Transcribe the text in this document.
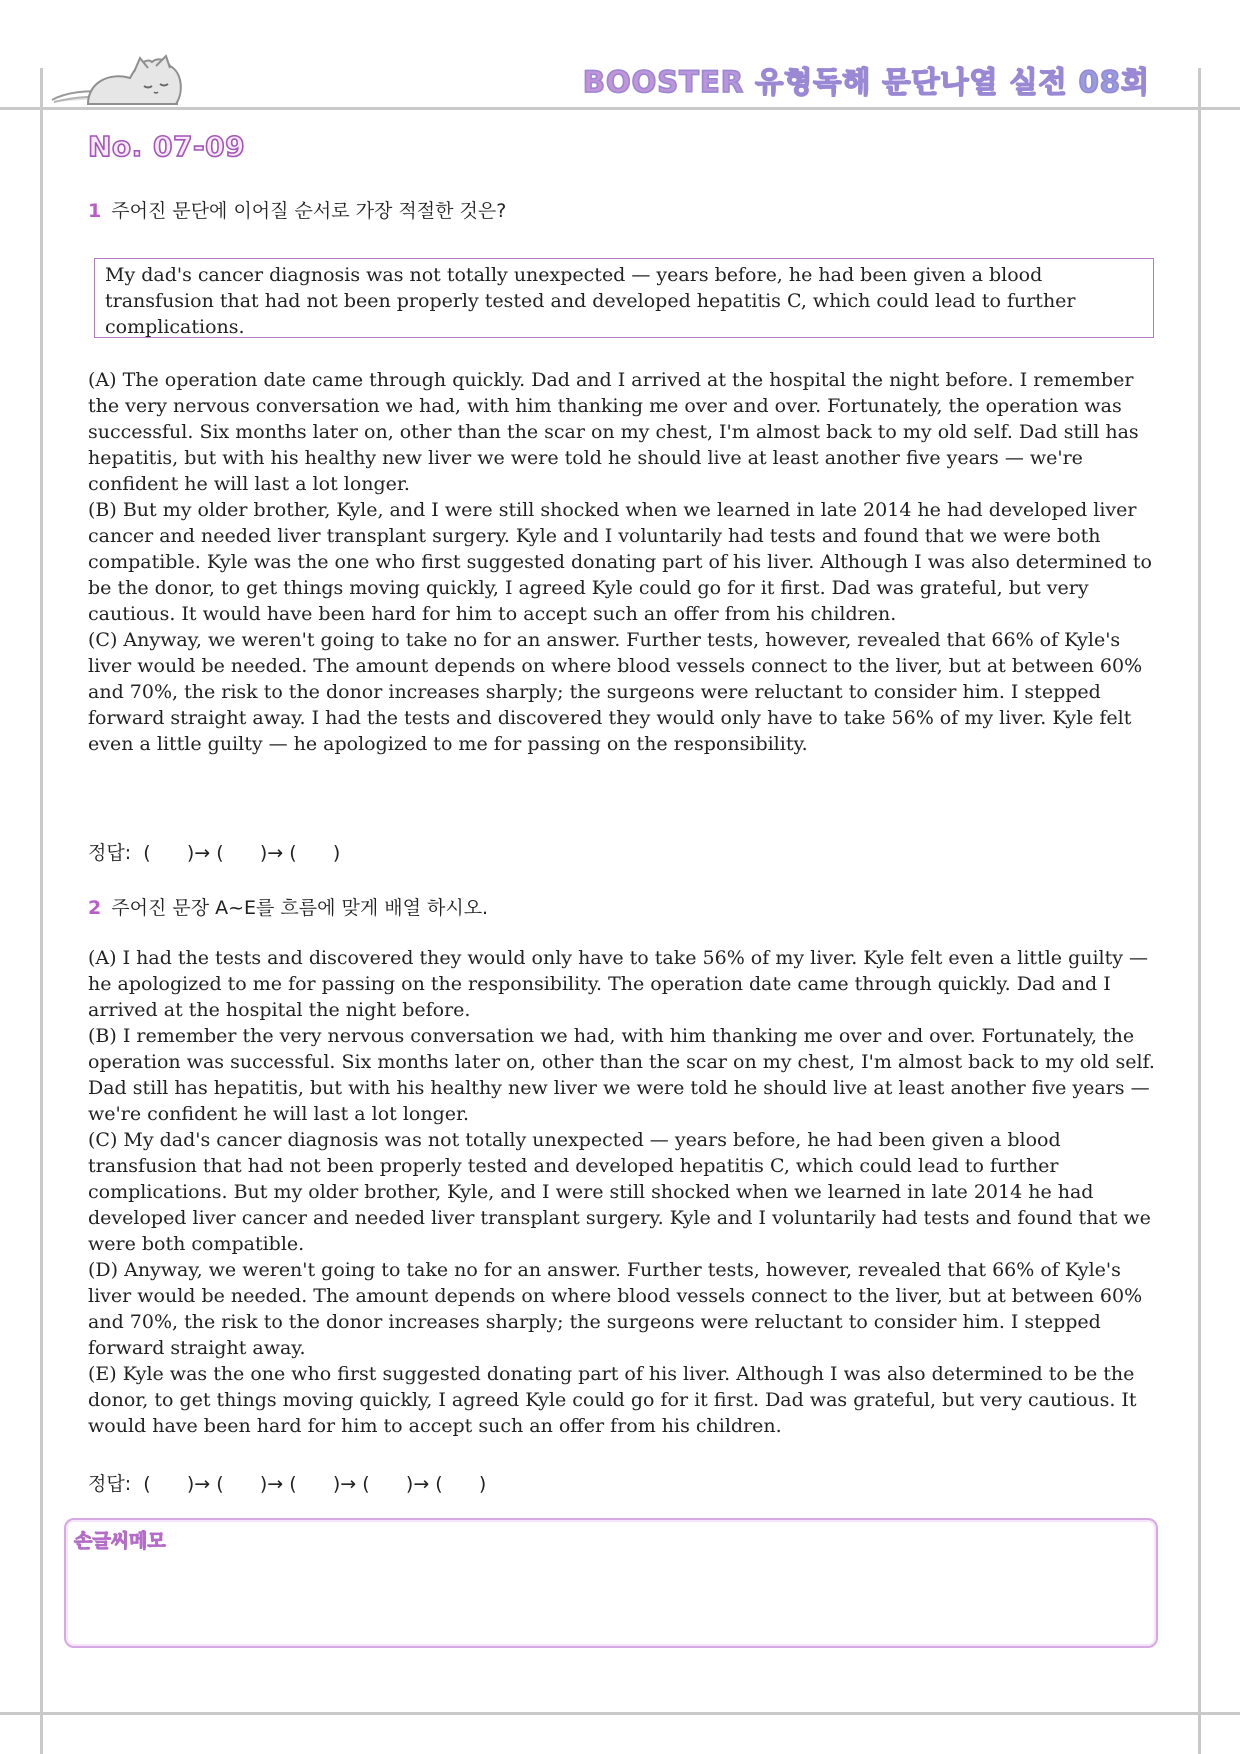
BOOSTER 유형독해 문단나열 실전 08회
No. 07-09
1 주어진 문단에 이어질 순서로 가장 적절한 것은?
My dad's cancer diagnosis was not totally unexpected — years before, he had been given a blood transfusion that had not been properly tested and developed hepatitis C, which could lead to further complications.

(A) The operation date came through quickly. Dad and I arrived at the hospital the night before. I remember the very nervous conversation we had, with him thanking me over and over. Fortunately, the operation was successful. Six months later on, other than the scar on my chest, I'm almost back to my old self. Dad still has hepatitis, but with his healthy new liver we were told he should live at least another five years — we're confident he will last a lot longer.

(B) But my older brother, Kyle, and I were still shocked when we learned in late 2014 he had developed liver cancer and needed liver transplant surgery. Kyle and I voluntarily had tests and found that we were both compatible. Kyle was the one who first suggested donating part of his liver. Although I was also determined to be the donor, to get things moving quickly, I agreed Kyle could go for it first. Dad was grateful, but very cautious. It would have been hard for him to accept such an offer from his children.

(C) Anyway, we weren't going to take no for an answer. Further tests, however, revealed that 66% of Kyle's liver would be needed. The amount depends on where blood vessels connect to the liver, but at between 60% and 70%, the risk to the donor increases sharply; the surgeons were reluctant to consider him. I stepped forward straight away. I had the tests and discovered they would only have to take 56% of my liver. Kyle felt even a little guilty — he apologized to me for passing on the responsibility.

정답:  (      )→ (      )→ (      )
2 주어진 문장 A~E를 흐름에 맞게 배열 하시오.

(A) I had the tests and discovered they would only have to take 56% of my liver. Kyle felt even a little guilty — he apologized to me for passing on the responsibility. The operation date came through quickly. Dad and I arrived at the hospital the night before.

(B) I remember the very nervous conversation we had, with him thanking me over and over. Fortunately, the operation was successful. Six months later on, other than the scar on my chest, I'm almost back to my old self. Dad still has hepatitis, but with his healthy new liver we were told he should live at least another five years — we're confident he will last a lot longer.

(C) My dad's cancer diagnosis was not totally unexpected — years before, he had been given a blood transfusion that had not been properly tested and developed hepatitis C, which could lead to further complications. But my older brother, Kyle, and I were still shocked when we learned in late 2014 he had developed liver cancer and needed liver transplant surgery. Kyle and I voluntarily had tests and found that we were both compatible.

(D) Anyway, we weren't going to take no for an answer. Further tests, however, revealed that 66% of Kyle's liver would be needed. The amount depends on where blood vessels connect to the liver, but at between 60% and 70%, the risk to the donor increases sharply; the surgeons were reluctant to consider him. I stepped forward straight away.

(E) Kyle was the one who first suggested donating part of his liver. Although I was also determined to be the donor, to get things moving quickly, I agreed Kyle could go for it first. Dad was grateful, but very cautious. It would have been hard for him to accept such an offer from his children.

정답:  (      )→ (      )→ (      )→ (      )→ (      )
손글씨메모
